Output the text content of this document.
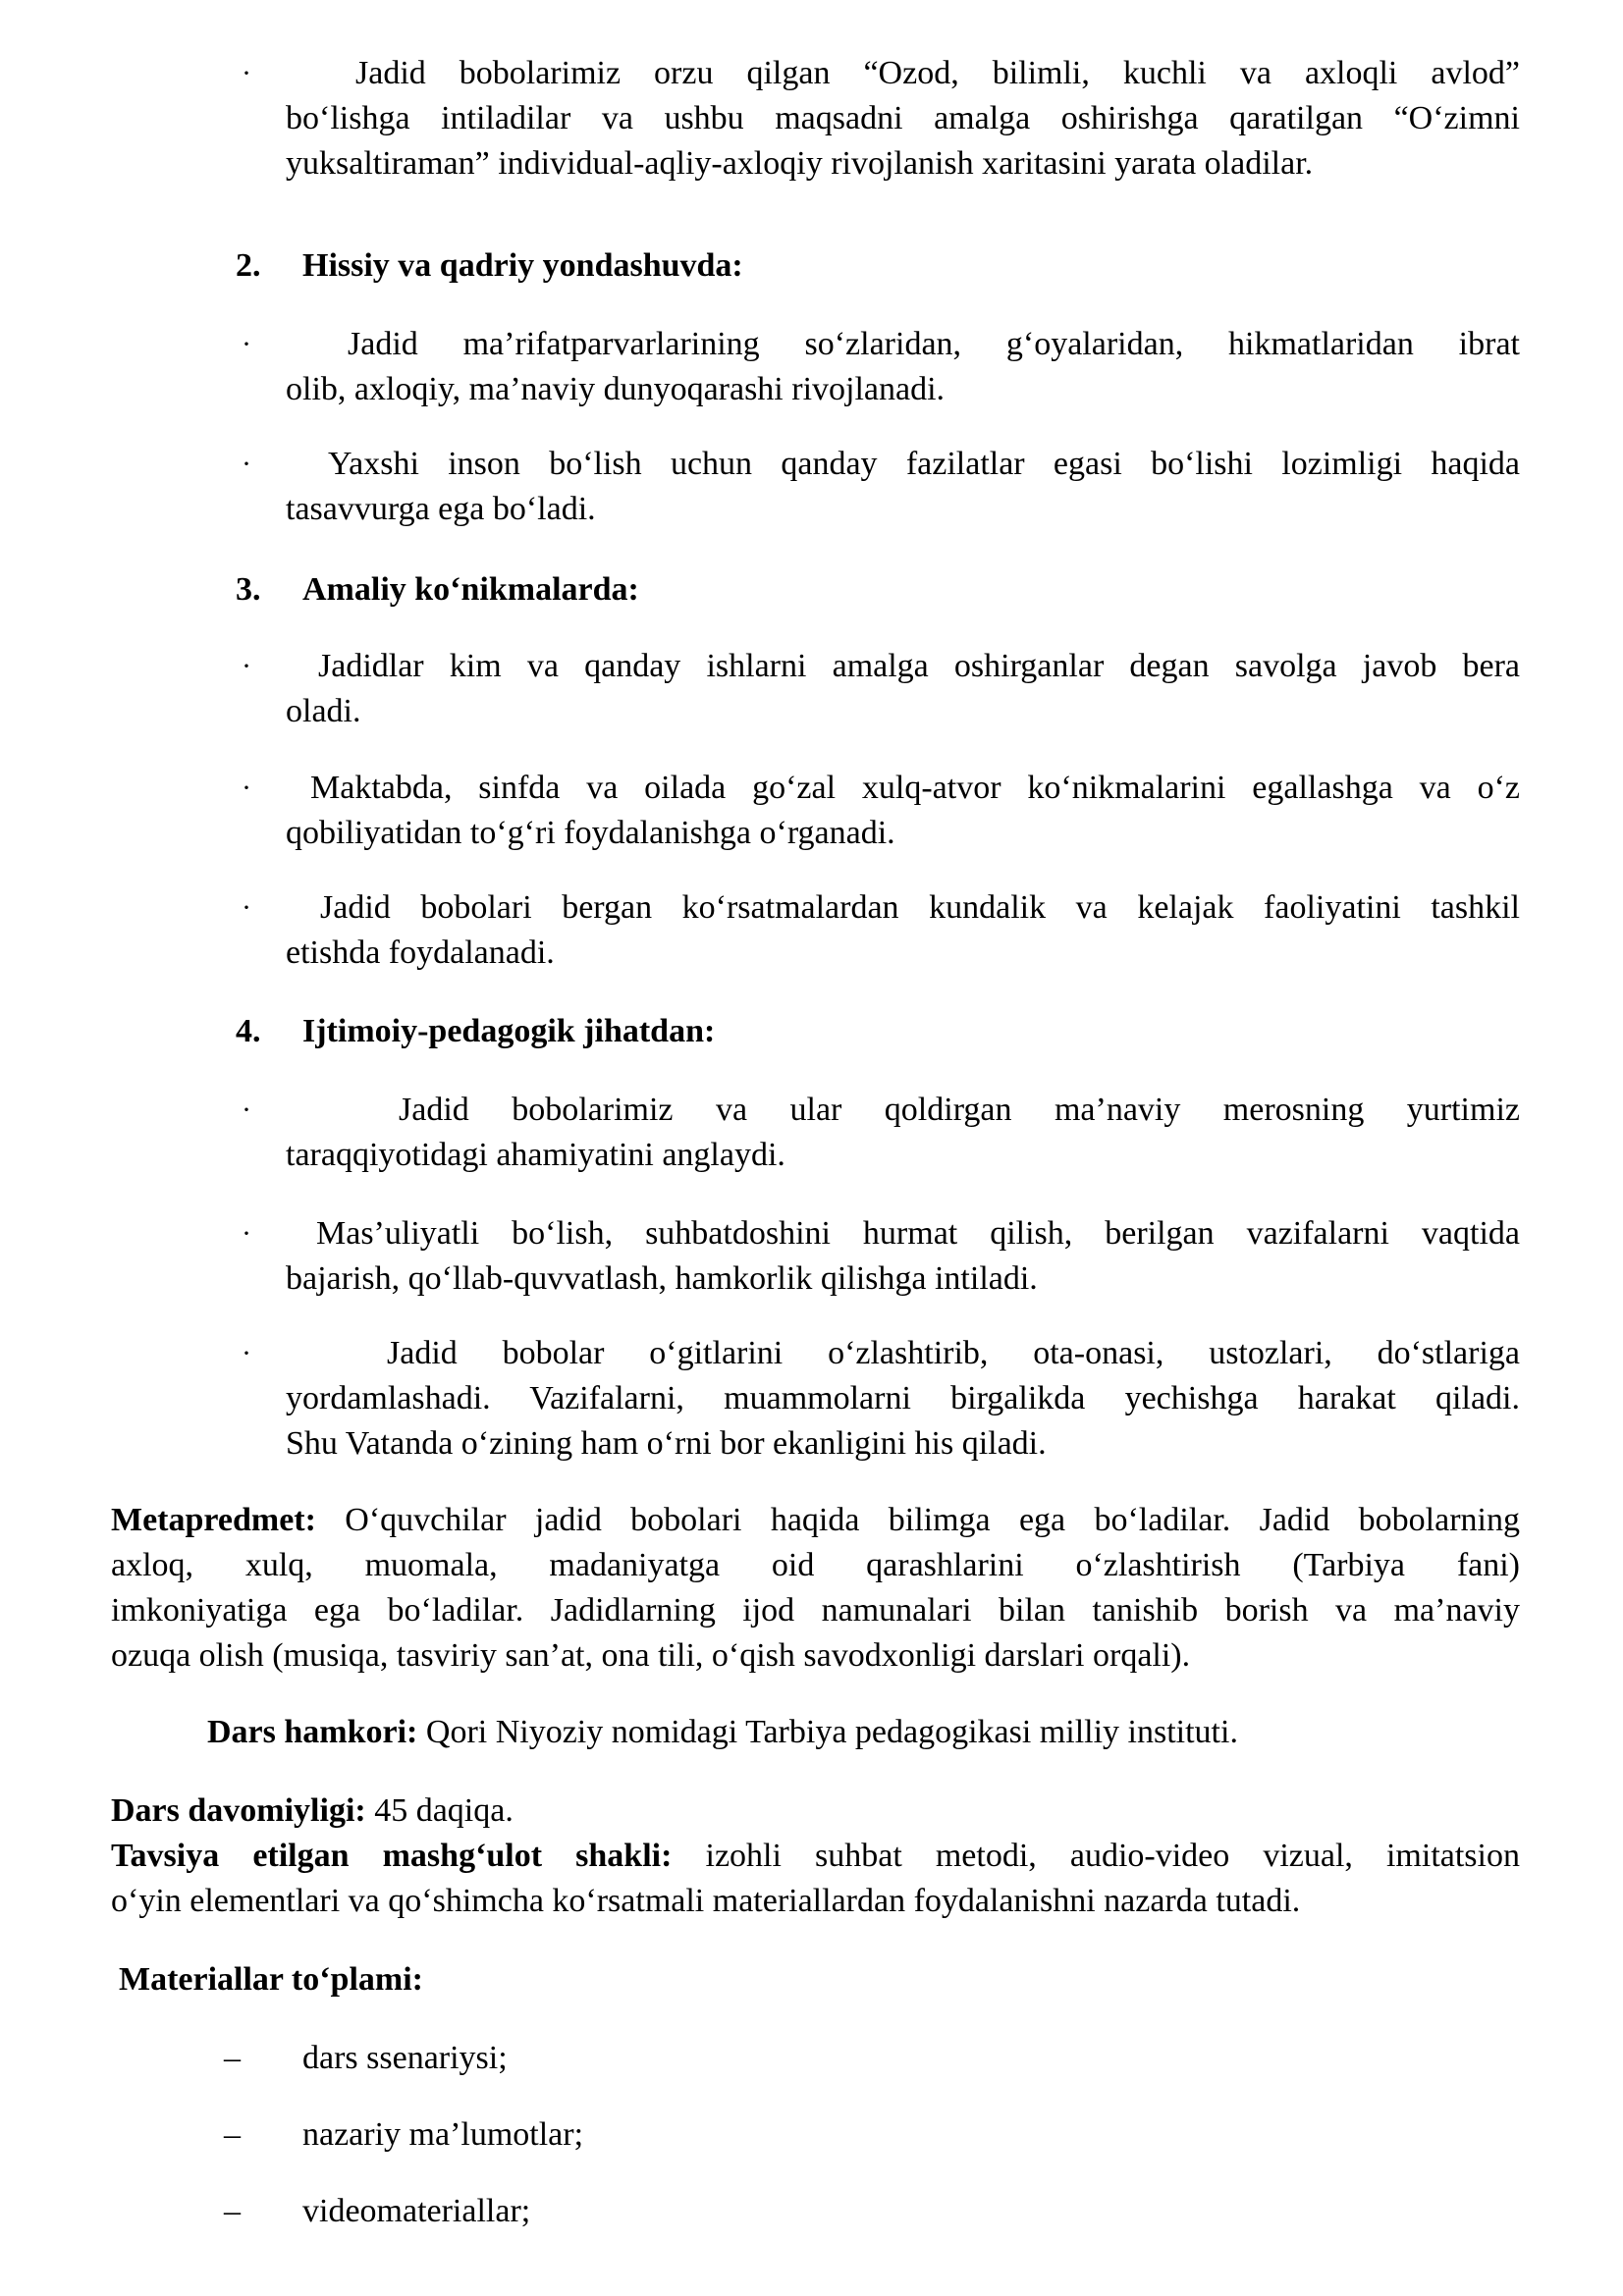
·	Jadid bobolarimiz orzu qilgan “Ozod, bilimli, kuchli va axloqli avlod”
bo‘lishga intiladilar va ushbu maqsadni amalga oshirishga qaratilgan “O‘zimni
yuksaltiraman” individual-aqliy-axloqiy rivojlanish xaritasini yarata oladilar.
2. Hissiy va qadriy yondashuvda:
·	Jadid ma’rifatparvarlarining so‘zlaridan, g‘oyalaridan, hikmatlaridan ibrat
olib, axloqiy, ma’naviy dunyoqarashi rivojlanadi.
· Yaxshi inson bo‘lish uchun qanday fazilatlar egasi bo‘lishi lozimligi haqida
tasavvurga ega bo‘ladi.
3. Amaliy ko‘nikmalarda:
· Jadidlar kim va qanday ishlarni amalga oshirganlar degan savolga javob bera
oladi.
· Maktabda, sinfda va oilada go‘zal xulq-atvor ko‘nikmalarini egallashga va o‘z
qobiliyatidan to‘g‘ri foydalanishga o‘rganadi.
· Jadid bobolari bergan ko‘rsatmalardan kundalik va kelajak faoliyatini tashkil
etishda foydalanadi.
4. Ijtimoiy-pedagogik jihatdan:
·	Jadid bobolarimiz va ular qoldirgan ma’naviy merosning yurtimiz
taraqqiyotidagi ahamiyatini anglaydi.
· Mas’uliyatli bo‘lish, suhbatdoshini hurmat qilish, berilgan vazifalarni vaqtida
bajarish, qo‘llab-quvvatlash, hamkorlik qilishga intiladi.
·	Jadid bobolar o‘gitlarini o‘zlashtirib, ota-onasi, ustozlari, do‘stlariga
yordamlashadi. Vazifalarni, muammolarni birgalikda yechishga harakat qiladi.
Shu Vatanda o‘zining ham o‘rni bor ekanligini his qiladi.
Metapredmet: O‘quvchilar jadid bobolari haqida bilimga ega bo‘ladilar. Jadid bobolarning
axloq, xulq, muomala, madaniyatga oid qarashlarini o‘zlashtirish (Tarbiya fani)
imkoniyatiga ega bo‘ladilar. Jadidlarning ijod namunalari bilan tanishib borish va ma’naviy
ozuqa olish (musiqa, tasviriy san’at, ona tili, o‘qish savodxonligi darslari orqali).
Dars hamkori: Qori Niyoziy nomidagi Tarbiya pedagogikasi milliy instituti.
Dars davomiyligi: 45 daqiqa.
Tavsiya etilgan mashg‘ulot shakli: izohli suhbat metodi, audio-video vizual, imitatsion
o‘yin elementlari va qo‘shimcha ko‘rsatmali materiallardan foydalanishni nazarda tutadi.
Materiallar to‘plami:
– dars ssenariysi;
– nazariy ma’lumotlar;
– videomateriallar;
